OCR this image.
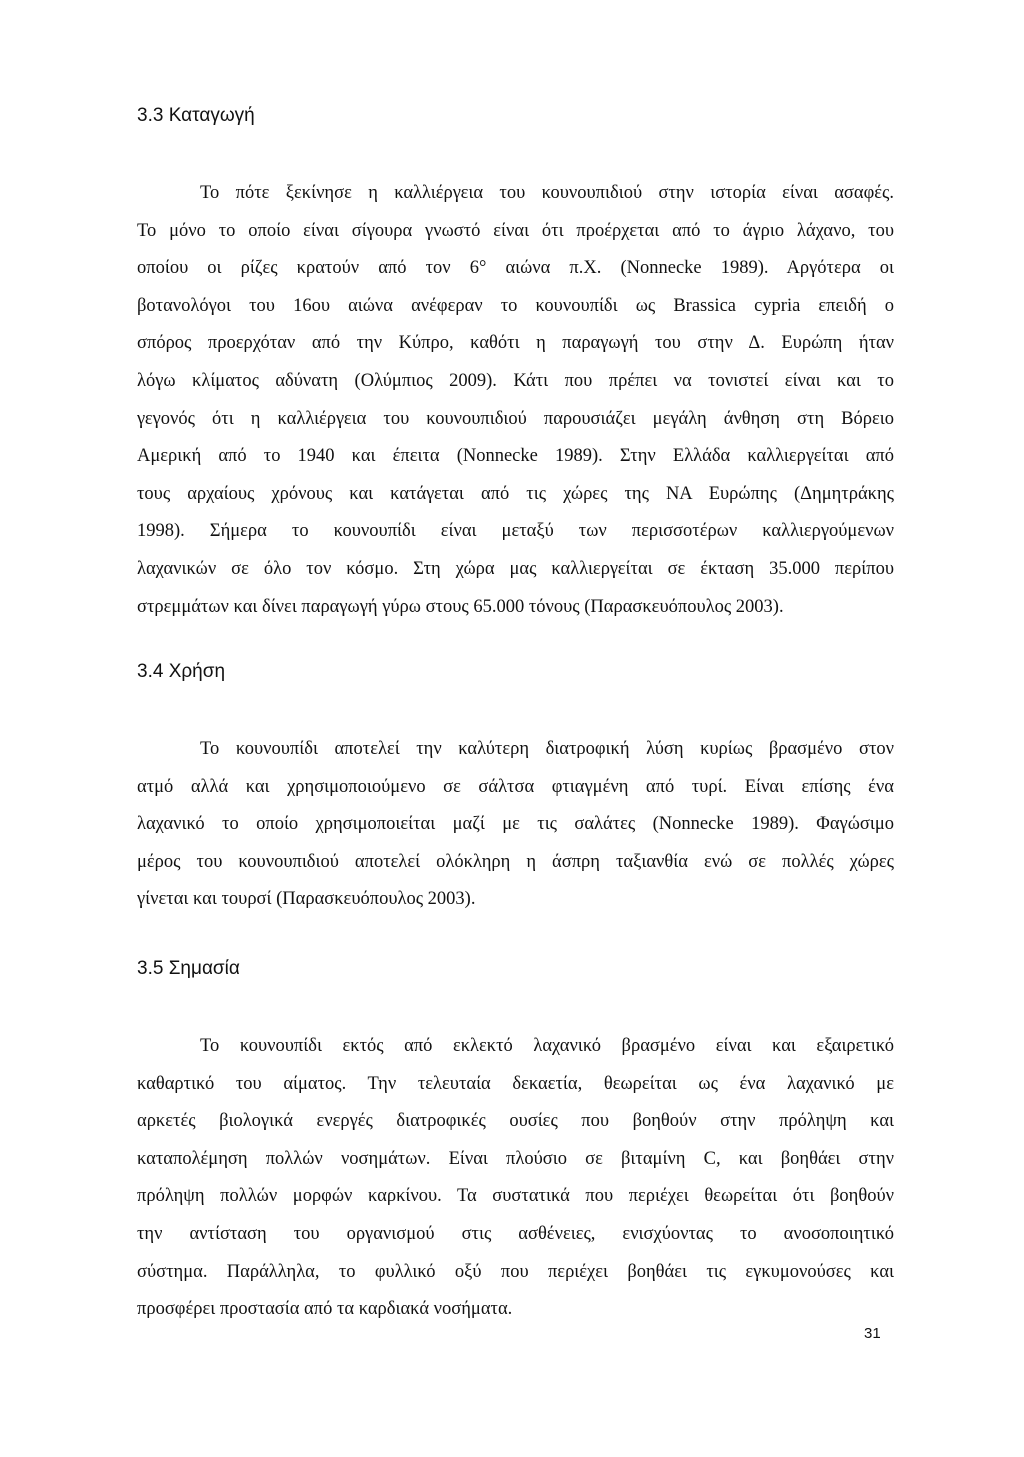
3.3 Καταγωγή
Το πότε ξεκίνησε η καλλιέργεια του κουνουπιδιού στην ιστορία είναι ασαφές.
Το μόνο το οποίο είναι σίγουρα γνωστό είναι ότι προέρχεται από το άγριο λάχανο, του
οποίου οι ρίζες κρατούν από τον 6° αιώνα π.Χ. (Nonnecke 1989). Αργότερα οι
βοτανολόγοι του 16ου αιώνα ανέφεραν το κουνουπίδι ως Brassica cypria επειδή ο
σπόρος προερχόταν από την Κύπρο, καθότι η παραγωγή του στην Δ. Ευρώπη ήταν
λόγω κλίματος αδύνατη (Ολύμπιος 2009). Κάτι που πρέπει να τονιστεί είναι και το
γεγονός ότι η καλλιέργεια του κουνουπιδιού παρουσιάζει μεγάλη άνθηση στη Βόρειο
Αμερική από το 1940 και έπειτα (Nonnecke 1989). Στην Ελλάδα καλλιεργείται από
τους αρχαίους χρόνους και κατάγεται από τις χώρες της ΝΑ Ευρώπης (Δημητράκης
1998). Σήμερα το κουνουπίδι είναι μεταξύ των περισσοτέρων καλλιεργούμενων
λαχανικών σε όλο τον κόσμο. Στη χώρα μας καλλιεργείται σε έκταση 35.000 περίπου
στρεμμάτων και δίνει παραγωγή γύρω στους 65.000 τόνους (Παρασκευόπουλος 2003).
3.4 Χρήση
Το κουνουπίδι αποτελεί την καλύτερη διατροφική λύση κυρίως βρασμένο στον
ατμό αλλά και χρησιμοποιούμενο σε σάλτσα φτιαγμένη από τυρί. Είναι επίσης ένα
λαχανικό το οποίο χρησιμοποιείται μαζί με τις σαλάτες (Nonnecke 1989). Φαγώσιμο
μέρος του κουνουπιδιού αποτελεί ολόκληρη η άσπρη ταξιανθία ενώ σε πολλές χώρες
γίνεται και τουρσί (Παρασκευόπουλος 2003).
3.5 Σημασία
Το κουνουπίδι εκτός από εκλεκτό λαχανικό βρασμένο είναι και εξαιρετικό
καθαρτικό του αίματος. Την τελευταία δεκαετία, θεωρείται ως ένα λαχανικό με
αρκετές βιολογικά ενεργές διατροφικές ουσίες που βοηθούν στην πρόληψη και
καταπολέμηση πολλών νοσημάτων. Είναι πλούσιο σε βιταμίνη C, και βοηθάει στην
πρόληψη πολλών μορφών καρκίνου. Τα συστατικά που περιέχει θεωρείται ότι βοηθούν
την αντίσταση του οργανισμού στις ασθένειες, ενισχύοντας το ανοσοποιητικό
σύστημα. Παράλληλα, το φυλλικό οξύ που περιέχει βοηθάει τις εγκυμονούσες και
προσφέρει προστασία από τα καρδιακά νοσήματα.
31
